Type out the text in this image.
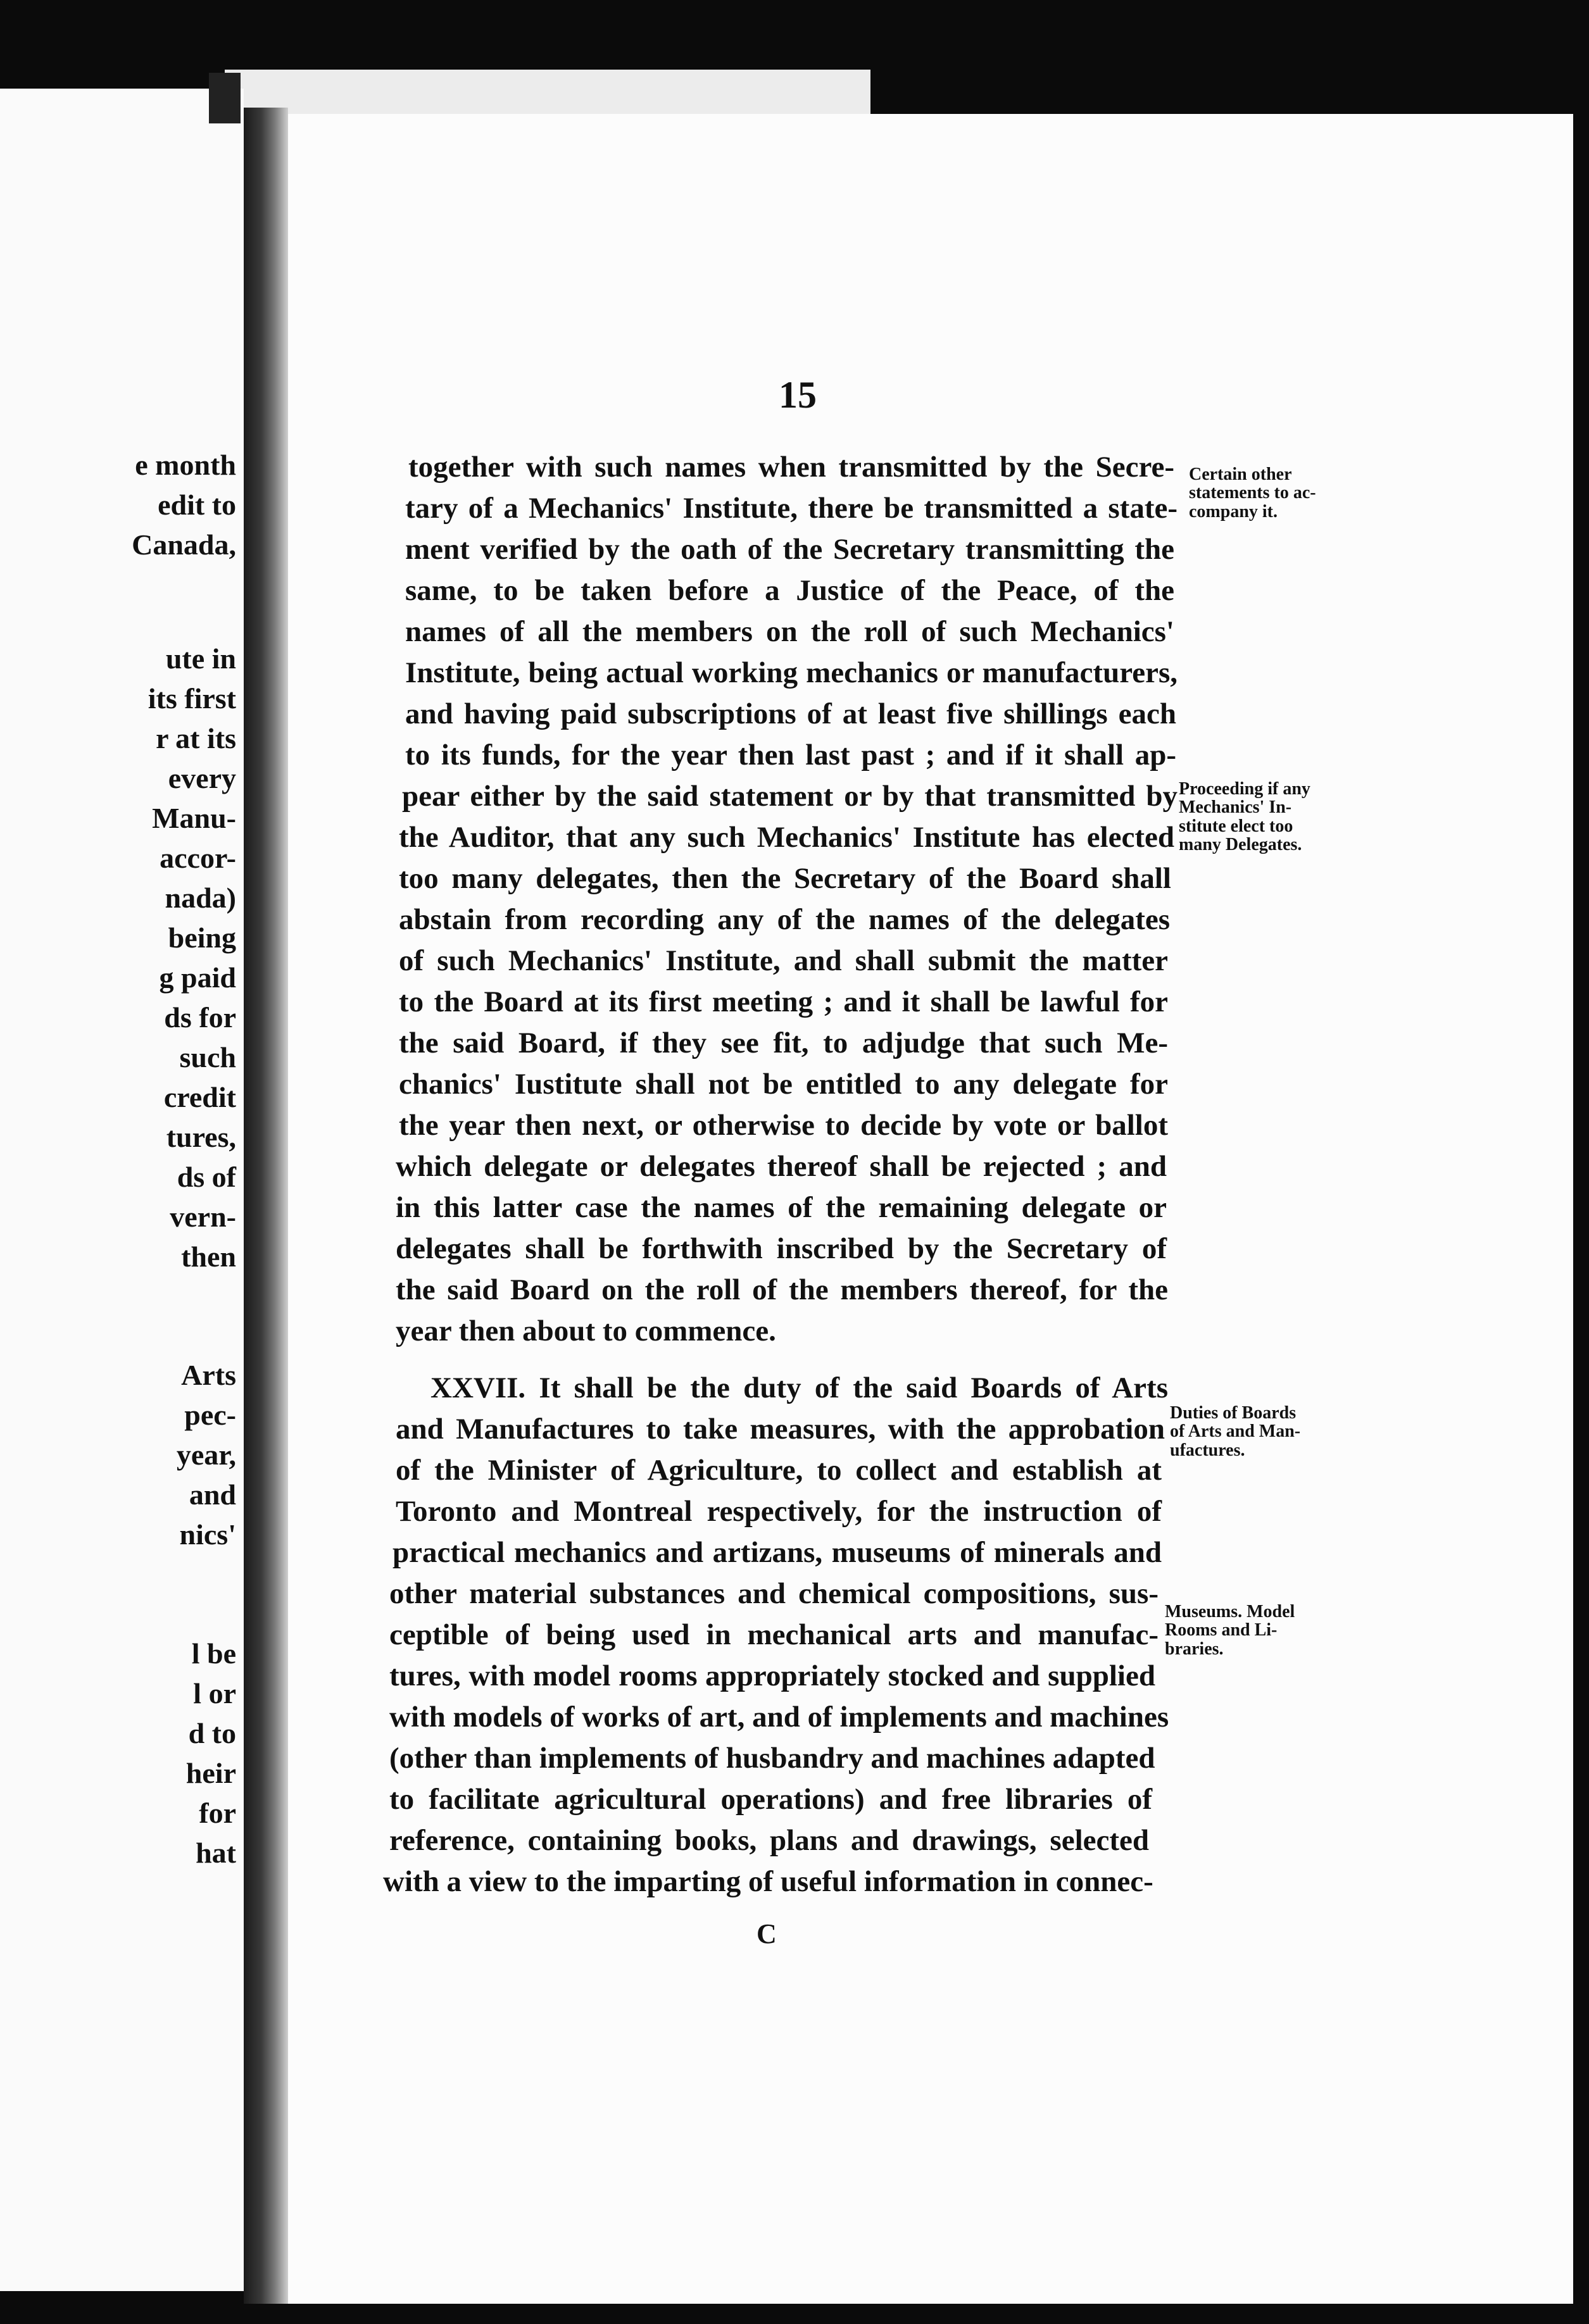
e month
edit to
Canada,
ute in
its first
r at its
every
Manu-
accor-
nada)
being
g paid
ds for
such
credit
tures,
ds of
vern-
then
Arts
pec-
year,
and
nics'
l be
l or
d to
heir
for
hat
15
together with such names when transmitted by the Secre-
tary of a Mechanics' Institute, there be transmitted a state-
ment verified by the oath of the Secretary transmitting the
same, to be taken before a Justice of the Peace, of the
names of all the members on the roll of such Mechanics'
Institute, being actual working mechanics or manufacturers,
and having paid subscriptions of at least five shillings each
to its funds, for the year then last past ; and if it shall ap-
pear either by the said statement or by that transmitted by
the Auditor, that any such Mechanics' Institute has elected
too many delegates, then the Secretary of the Board shall
abstain from recording any of the names of the delegates
of such Mechanics' Institute, and shall submit the matter
to the Board at its first meeting ; and it shall be lawful for
the said Board, if they see fit, to adjudge that such Me-
chanics' Iustitute shall not be entitled to any delegate for
the year then next, or otherwise to decide by vote or ballot
which delegate or delegates thereof shall be rejected ; and
in this latter case the names of the remaining delegate or
delegates shall be forthwith inscribed by the Secretary of
the said Board on the roll of the members thereof, for the
year then about to commence.
XXVII. It shall be the duty of the said Boards of Arts
and Manufactures to take measures, with the approbation
of the Minister of Agriculture, to collect and establish at
Toronto and Montreal respectively, for the instruction of
practical mechanics and artizans, museums of minerals and
other material substances and chemical compositions, sus-
ceptible of being used in mechanical arts and manufac-
tures, with model rooms appropriately stocked and supplied
with models of works of art, and of implements and machines
(other than implements of husbandry and machines adapted
to facilitate agricultural operations) and free libraries of
reference, containing books, plans and drawings, selected
with a view to the imparting of useful information in connec-
Certain other
statements to ac-
company it.
Proceeding if any
Mechanics' In-
stitute elect too
many Delegates.
Duties of Boards
of Arts and Man-
ufactures.
Museums. Model
Rooms and Li-
braries.
C
